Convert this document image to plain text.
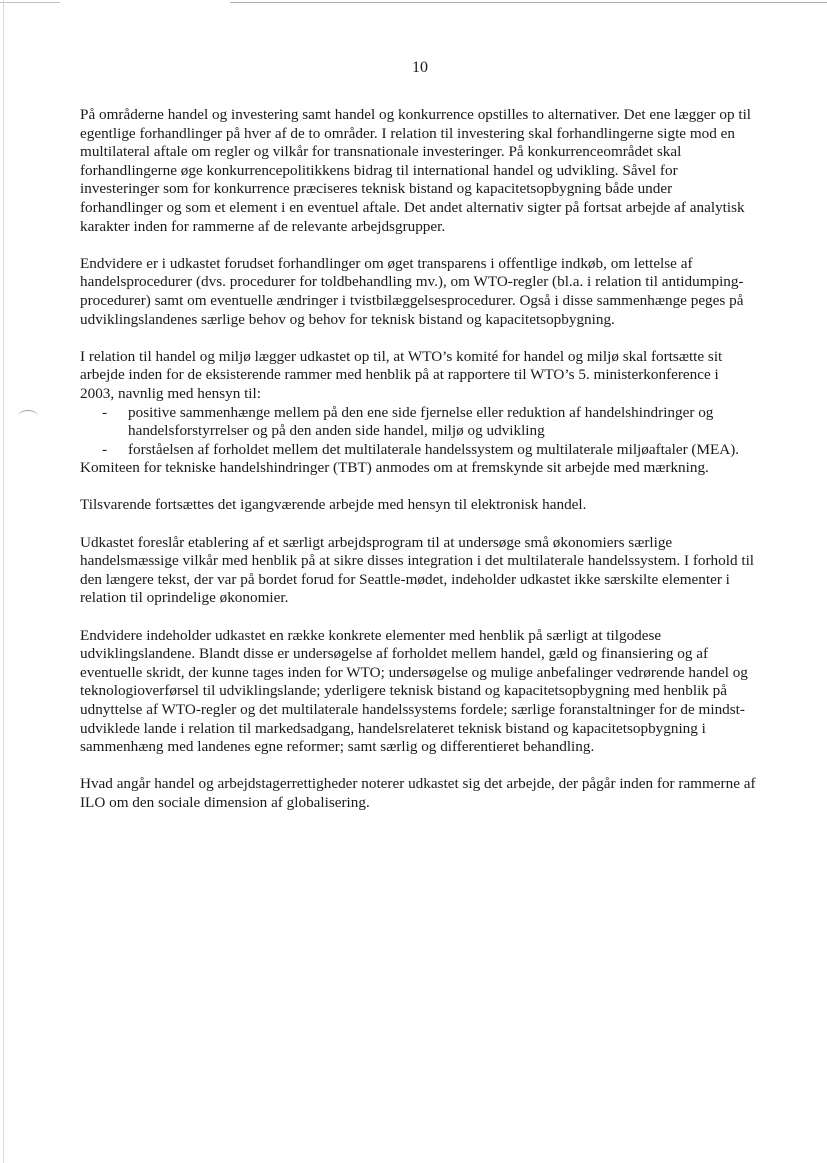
10

På områderne handel og investering samt handel og konkurrence opstilles to alternativer. Det ene lægger op til egentlige forhandlinger på hver af de to områder. I relation til investering skal forhandlingerne sigte mod en multilateral aftale om regler og vilkår for transnationale investeringer. På konkurrenceområdet skal forhandlingerne øge konkurrencepolitikkens bidrag til international handel og udvikling. Såvel for investeringer som for konkurrence præciseres teknisk bistand og kapacitetsopbygning både under forhandlinger og som et element i en eventuel aftale. Det andet alternativ sigter på fortsat arbejde af analytisk karakter inden for rammerne af de relevante arbejdsgrupper.

Endvidere er i udkastet forudset forhandlinger om øget transparens i offentlige indkøb, om lettelse af handelsprocedurer (dvs. procedurer for toldbehandling mv.), om WTO-regler (bl.a. i relation til antidumping-procedurer) samt om eventuelle ændringer i tvistbilæggelsesprocedurer. Også i disse sammenhænge peges på udviklingslandenes særlige behov og behov for teknisk bistand og kapacitetsopbygning.

I relation til handel og miljø lægger udkastet op til, at WTO’s komité for handel og miljø skal fortsætte sit arbejde inden for de eksisterende rammer med henblik på at rapportere til WTO’s 5. ministerkonference i 2003, navnlig med hensyn til:

- positive sammenhænge mellem på den ene side fjernelse eller reduktion af handelshindringer og handelsforstyrrelser og på den anden side handel, miljø og udvikling
- forståelsen af forholdet mellem det multilaterale handelssystem og multilaterale miljøaftaler (MEA).

Komiteen for tekniske handelshindringer (TBT) anmodes om at fremskynde sit arbejde med mærkning.

Tilsvarende fortsættes det igangværende arbejde med hensyn til elektronisk handel.

Udkastet foreslår etablering af et særligt arbejdsprogram til at undersøge små økonomiers særlige handelsmæssige vilkår med henblik på at sikre disses integration i det multilaterale handelssystem. I forhold til den længere tekst, der var på bordet forud for Seattle-mødet, indeholder udkastet ikke særskilte elementer i relation til oprindelige økonomier.

Endvidere indeholder udkastet en række konkrete elementer med henblik på særligt at tilgodese udviklingslandene. Blandt disse er undersøgelse af forholdet mellem handel, gæld og finansiering og af eventuelle skridt, der kunne tages inden for WTO; undersøgelse og mulige anbefalinger vedrørende handel og teknologioverførsel til udviklingslande; yderligere teknisk bistand og kapacitetsopbygning med henblik på udnyttelse af WTO-regler og det multilaterale handelssystems fordele; særlige foranstaltninger for de mindst-udviklede lande i relation til markedsadgang, handelsrelateret teknisk bistand og kapacitetsopbygning i sammenhæng med landenes egne reformer; samt særlig og differentieret behandling.

Hvad angår handel og arbejdstagerrettigheder noterer udkastet sig det arbejde, der pågår inden for rammerne af ILO om den sociale dimension af globalisering.
